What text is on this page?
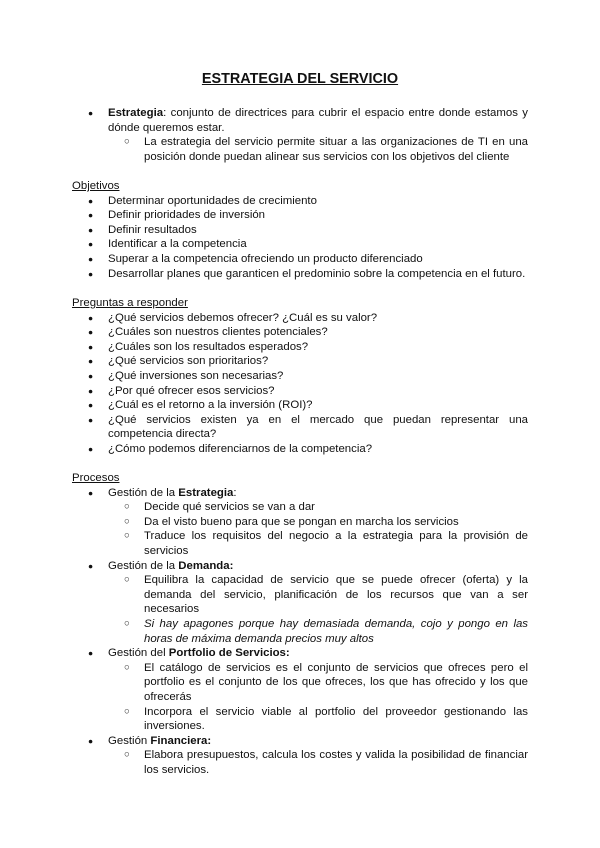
ESTRATEGIA DEL SERVICIO
● Estrategia: conjunto de directrices para cubrir el espacio entre donde estamos y dónde queremos estar.
○ La estrategia del servicio permite situar a las organizaciones de TI en una posición donde puedan alinear sus servicios con los objetivos del cliente

Objetivos

● Determinar oportunidades de crecimiento
● Definir prioridades de inversión
● Definir resultados
● Identificar a la competencia
● Superar a la competencia ofreciendo un producto diferenciado
● Desarrollar planes que garanticen el predominio sobre la competencia en el futuro.

Preguntas a responder

● ¿Qué servicios debemos ofrecer? ¿Cuál es su valor?
● ¿Cuáles son nuestros clientes potenciales?
● ¿Cuáles son los resultados esperados?
● ¿Qué servicios son prioritarios?
● ¿Qué inversiones son necesarias?
● ¿Por qué ofrecer esos servicios?
● ¿Cuál es el retorno a la inversión (ROI)?
● ¿Qué servicios existen ya en el mercado que puedan representar una competencia directa?
● ¿Cómo podemos diferenciarnos de la competencia?

Procesos

● Gestión de la Estrategia:
○ Decide qué servicios se van a dar
○ Da el visto bueno para que se pongan en marcha los servicios
○ Traduce los requisitos del negocio a la estrategia para la provisión de servicios
● Gestión de la Demanda:
○ Equilibra la capacidad de servicio que se puede ofrecer (oferta) y la demanda del servicio, planificación de los recursos que van a ser necesarios
○ Si hay apagones porque hay demasiada demanda, cojo y pongo en las horas de máxima demanda precios muy altos
● Gestión del Portfolio de Servicios:
○ El catálogo de servicios es el conjunto de servicios que ofreces pero el portfolio es el conjunto de los que ofreces, los que has ofrecido y los que ofrecerás
○ Incorpora el servicio viable al portfolio del proveedor gestionando las inversiones.
● Gestión Financiera:
○ Elabora presupuestos, calcula los costes y valida la posibilidad de financiar los servicios.
